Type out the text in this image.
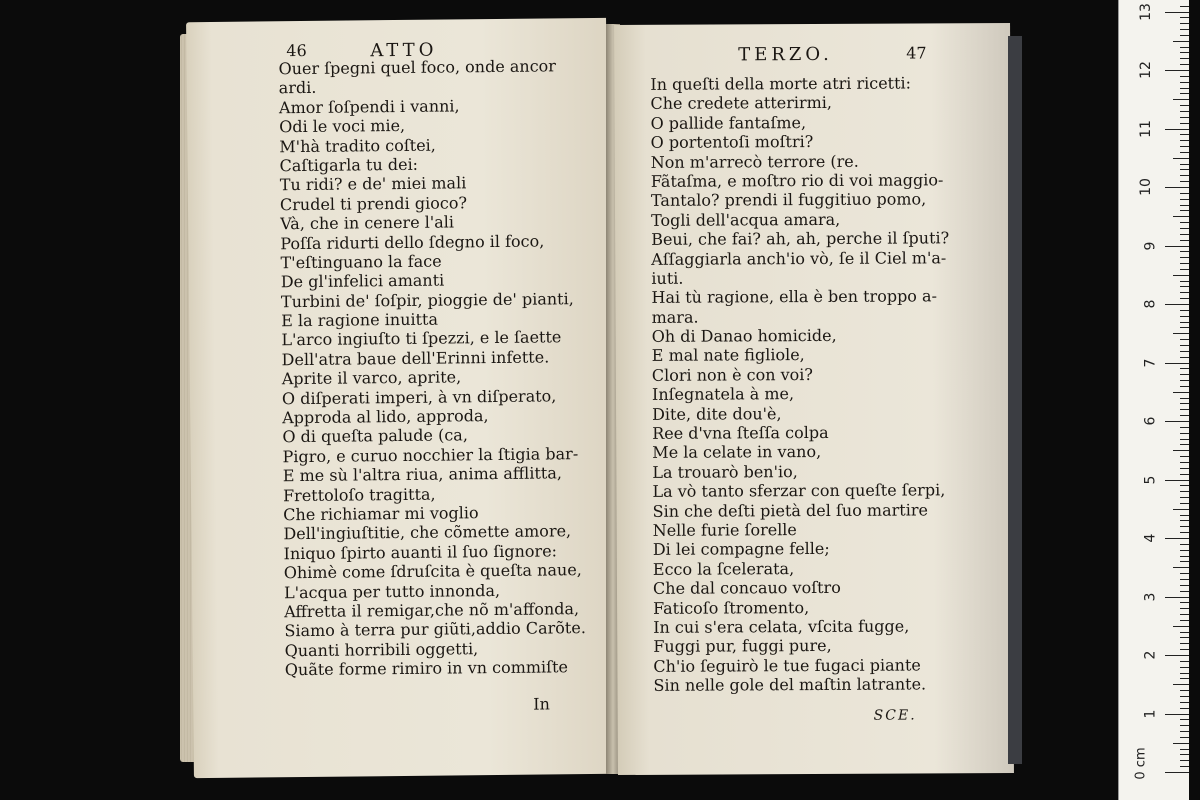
46	ATTO
Ouer ſpegni quel foco, onde ancor
ardi.
Amor ſoſpendi i vanni,
Odi le voci mie,
M'hà tradito coſtei,
Caſtigarla tu dei:
Tu ridi? e de' miei mali
Crudel ti prendi gioco?
Và, che in cenere l'ali
Poſſa ridurti dello ſdegno il foco,
T'eſtinguano la face
De gl'infelici amanti
Turbini de' ſoſpir, pioggie de' pianti,
E la ragione inuitta
L'arco ingiuſto ti ſpezzi, e le ſaette
Dell'atra baue dell'Erinni infette.
Aprite il varco, aprite,
O diſperati imperi, à vn diſperato,
Approda al lido, approda,
O di queſta palude (ca,
Pigro, e curuo nocchier la ſtigia bar-
E me sù l'altra riua, anima afflitta,
Frettoloſo tragitta,
Che richiamar mi voglio
Dell'ingiuſtitie, che cõmette amore,
Iniquo ſpirto auanti il ſuo ſignore:
Ohimè come ſdruſcita è queſta naue,
L'acqua per tutto innonda,
Affretta il remigar,che nõ m'affonda,
Siamo à terra pur giũti,addio Carõte.
Quanti horribili oggetti,
Quãte forme rimiro in vn commiſte
In
TERZO.	47
In queſti della morte atri ricetti:
Che credete atterirmi,
O pallide fantaſme,
O portentoſi moſtri?
Non m'arrecò terrore (re.
Fãtaſma, e moſtro rio di voi maggio-
Tantalo? prendi il fuggitiuo pomo,
Togli dell'acqua amara,
Beui, che fai? ah, ah, perche il ſputi?
Aſſaggiarla anch'io vò, ſe il Ciel m'a-
iuti.
Hai tù ragione, ella è ben troppo a-
mara.
Oh di Danao homicide,
E mal nate figliole,
Clori non è con voi?
Inſegnatela à me,
Dite, dite dou'è,
Ree d'vna ſteſſa colpa
Me la celate in vano,
La trouarò ben'io,
La vò tanto sferzar con queſte ſerpi,
Sin che deſti pietà del ſuo martire
Nelle furie ſorelle
Di lei compagne felle;
Ecco la ſcelerata,
Che dal concauo voſtro
Faticoſo ſtromento,
In cui s'era celata, vſcita fugge,
Fuggi pur, fuggi pure,
Ch'io ſeguirò le tue fugaci piante
Sin nelle gole del maſtin latrante.
SCE.
0 cm
1
2
3
4
5
6
7
8
9
10
11
12
13
